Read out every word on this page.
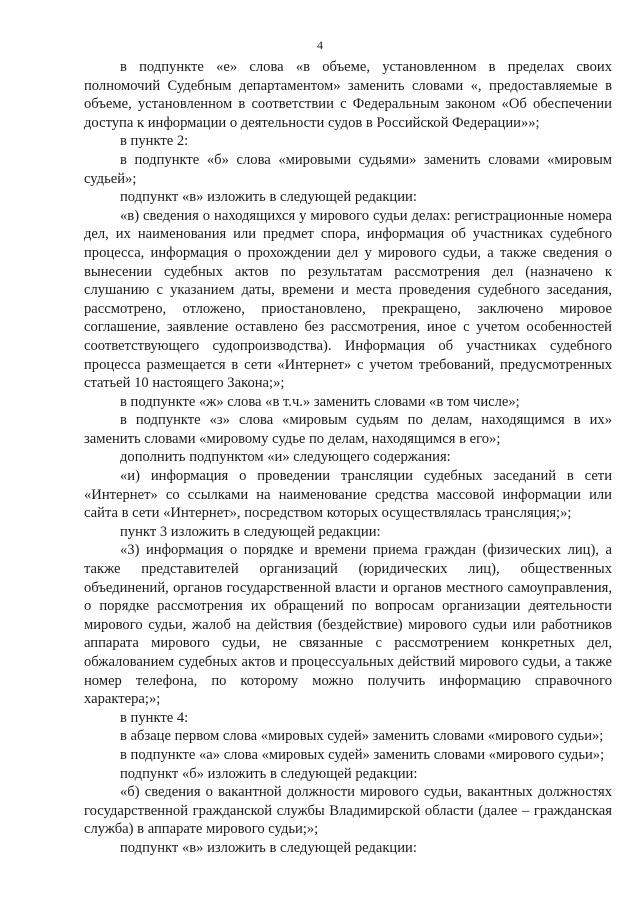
4

в подпункте «е» слова «в объеме, установленном в пределах своих полномочий Судебным департаментом» заменить словами «, предоставляемые в объеме, установленном в соответствии с Федеральным законом «Об обеспечении доступа к информации о деятельности судов в Российской Федерации»»;

в пункте 2:

в подпункте «б» слова «мировыми судьями» заменить словами «мировым судьей»;

подпункт «в» изложить в следующей редакции:

«в) сведения о находящихся у мирового судьи делах: регистрационные номера дел, их наименования или предмет спора, информация об участниках судебного процесса, информация о прохождении дел у мирового судьи, а также сведения о вынесении судебных актов по результатам рассмотрения дел (назначено к слушанию с указанием даты, времени и места проведения судебного заседания, рассмотрено, отложено, приостановлено, прекращено, заключено мировое соглашение, заявление оставлено без рассмотрения, иное с учетом особенностей соответствующего судопроизводства). Информация об участниках судебного процесса размещается в сети «Интернет» с учетом требований, предусмотренных статьей 10 настоящего Закона;»;

в подпункте «ж» слова «в т.ч.» заменить словами «в том числе»;

в подпункте «з» слова «мировым судьям по делам, находящимся в их» заменить словами «мировому судье по делам, находящимся в его»;

дополнить подпунктом «и» следующего содержания:

«и) информация о проведении трансляции судебных заседаний в сети «Интернет» со ссылками на наименование средства массовой информации или сайта в сети «Интернет», посредством которых осуществлялась трансляция;»;

пункт 3 изложить в следующей редакции:

«3) информация о порядке и времени приема граждан (физических лиц), а также представителей организаций (юридических лиц), общественных объединений, органов государственной власти и органов местного самоуправления, о порядке рассмотрения их обращений по вопросам организации деятельности мирового судьи, жалоб на действия (бездействие) мирового судьи или работников аппарата мирового судьи, не связанные с рассмотрением конкретных дел, обжалованием судебных актов и процессуальных действий мирового судьи, а также номер телефона, по которому можно получить информацию справочного характера;»;

в пункте 4:

в абзаце первом слова «мировых судей» заменить словами «мирового судьи»;

в подпункте «а» слова «мировых судей» заменить словами «мирового судьи»;

подпункт «б» изложить в следующей редакции:

«б) сведения о вакантной должности мирового судьи, вакантных должностях государственной гражданской службы Владимирской области (далее – гражданская служба) в аппарате мирового судьи;»;

подпункт «в» изложить в следующей редакции:
